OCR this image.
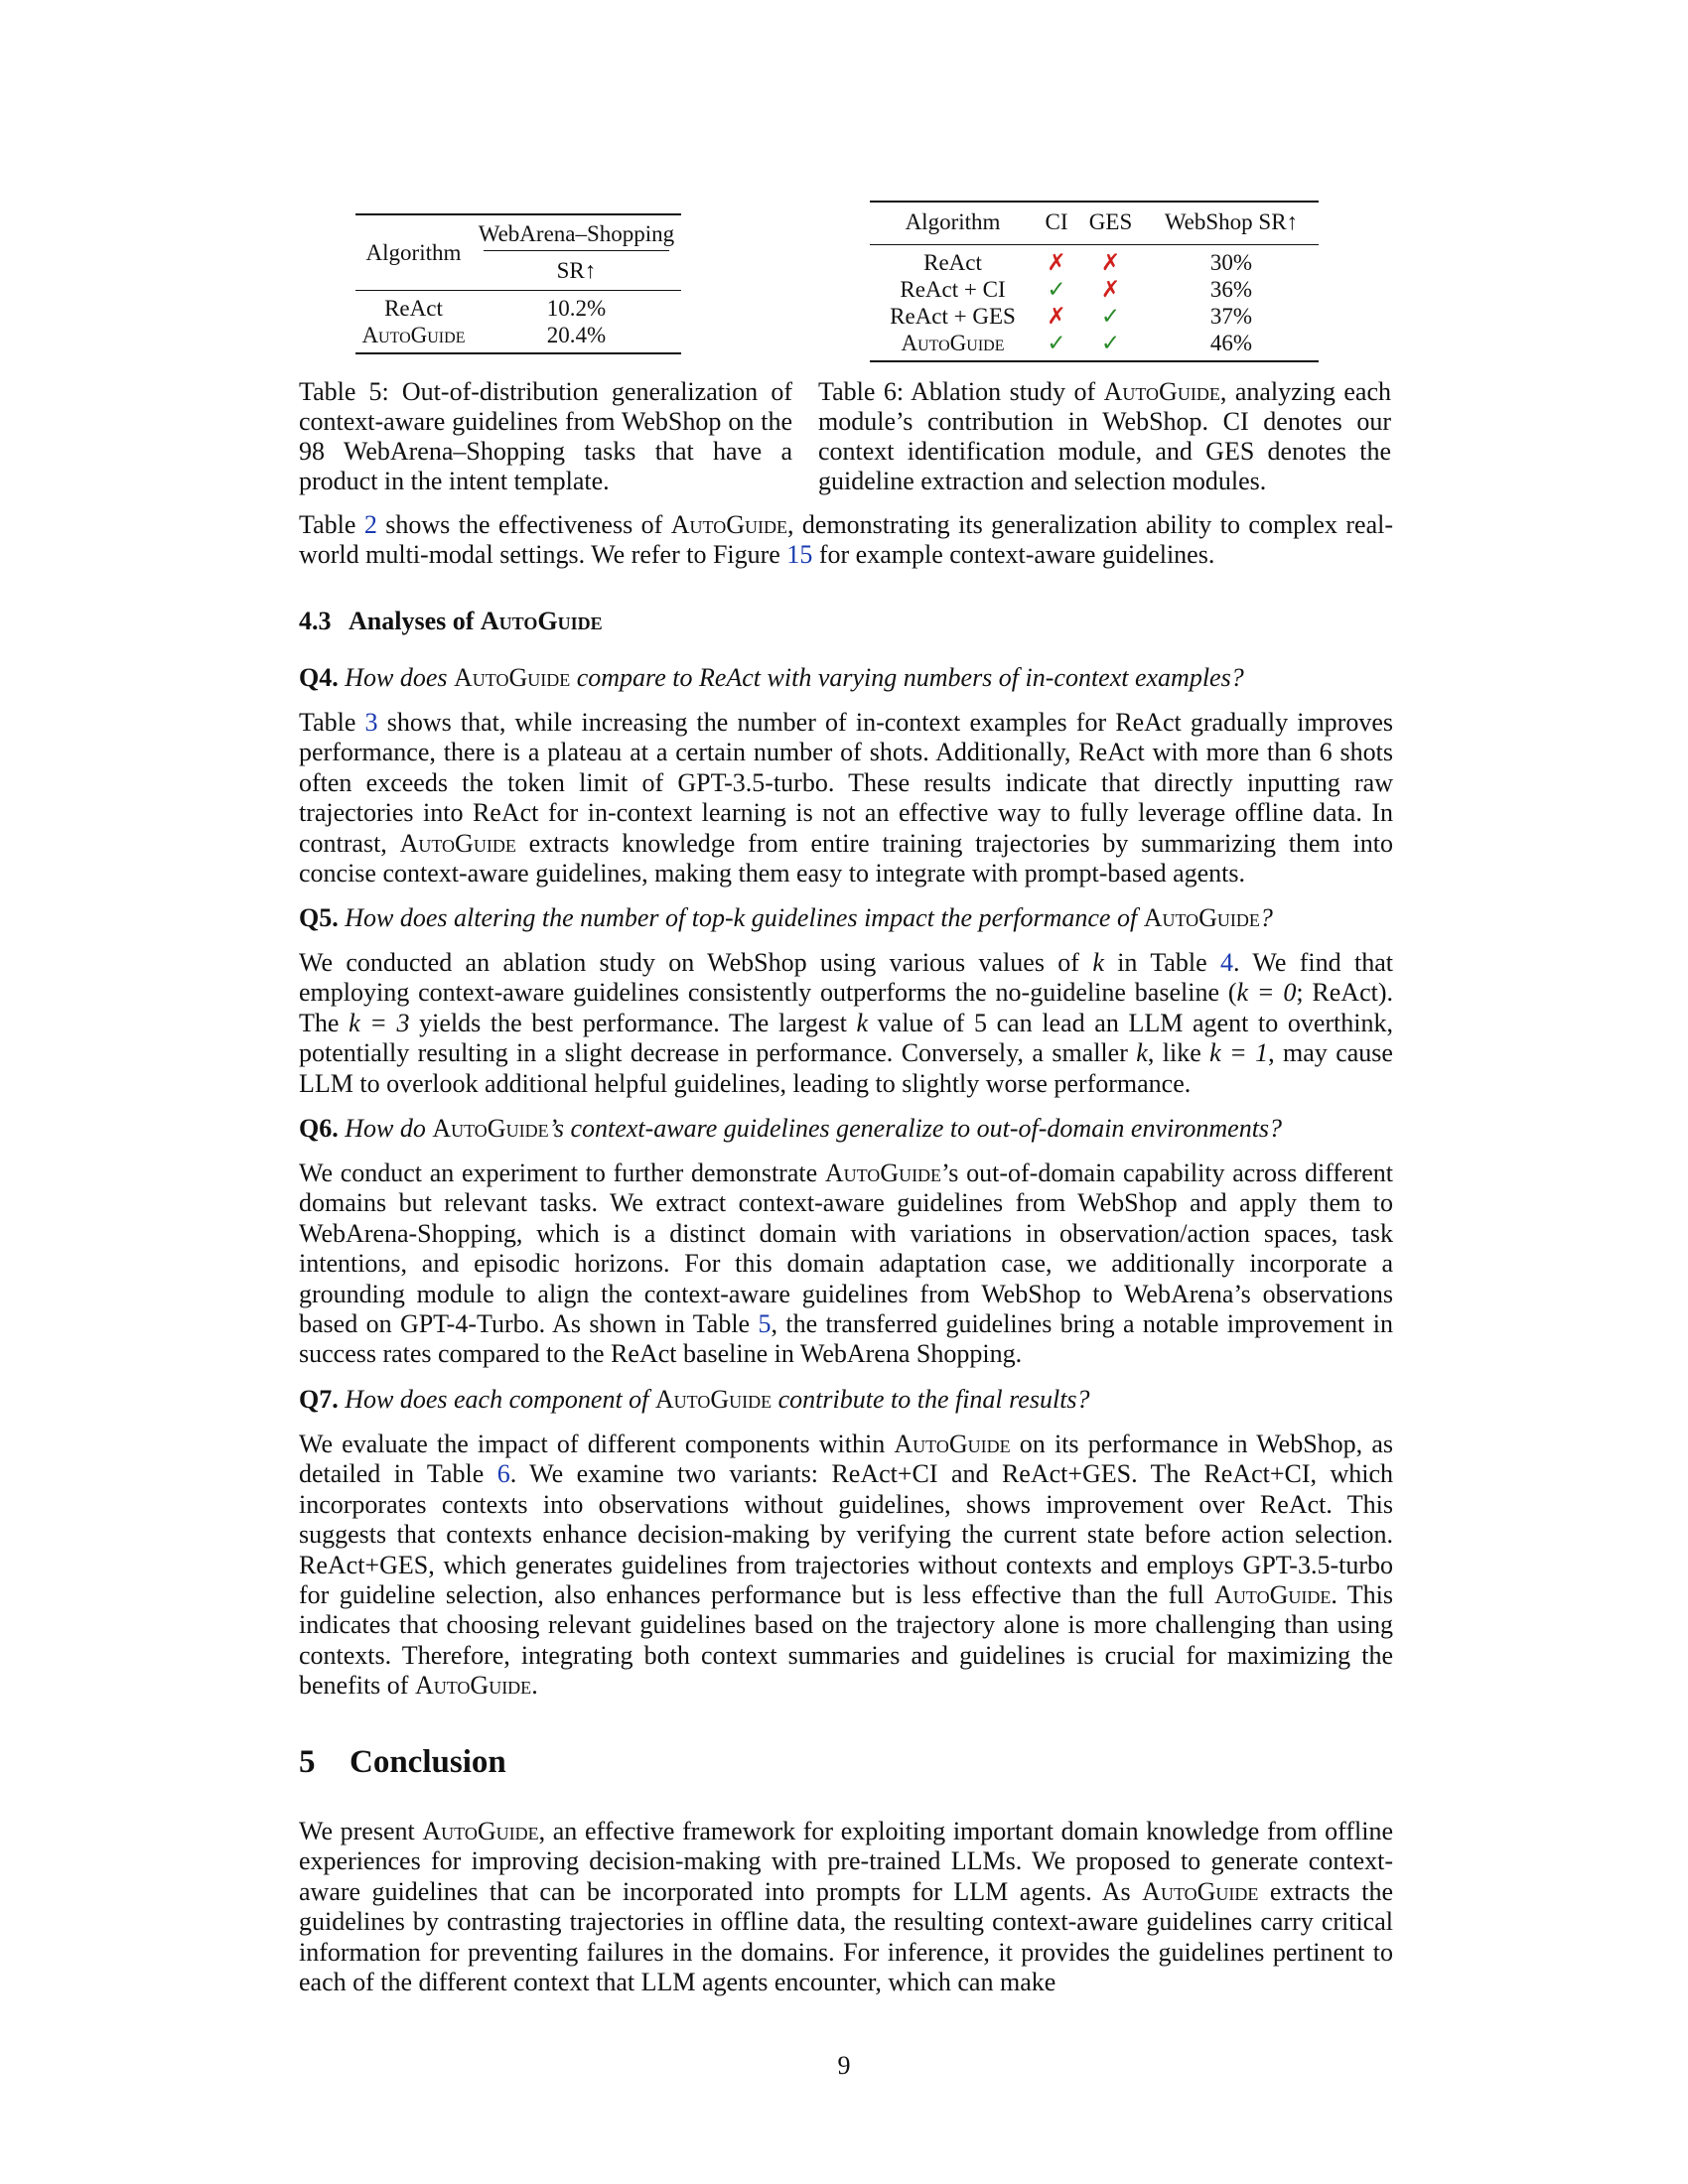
Algorithm	WebArena–Shopping
	SR↑
ReAct	10.2%
AutoGuide	20.4%
Algorithm	CI	GES	WebShop SR↑
ReAct	✗	✗	30%
ReAct + CI	✓	✗	36%
ReAct + GES	✗	✓	37%
AutoGuide	✓	✓	46%
Table 5: Out-of-distribution generalization of context-aware guidelines from WebShop on the 98 WebArena–Shopping tasks that have a product in the intent template.
Table 6: Ablation study of AutoGuide, analyzing each module’s contribution in WebShop. CI denotes our context identification module, and GES denotes the guideline extraction and selection modules.
Table 2 shows the effectiveness of AutoGuide, demonstrating its generalization ability to complex real-world multi-modal settings. We refer to Figure 15 for example context-aware guidelines.
4.3 Analyses of AutoGuide
Q4. How does AutoGuide compare to ReAct with varying numbers of in-context examples?
Table 3 shows that, while increasing the number of in-context examples for ReAct gradually improves performance, there is a plateau at a certain number of shots. Additionally, ReAct with more than 6 shots often exceeds the token limit of GPT-3.5-turbo. These results indicate that directly inputting raw trajectories into ReAct for in-context learning is not an effective way to fully leverage offline data. In contrast, AutoGuide extracts knowledge from entire training trajectories by summarizing them into concise context-aware guidelines, making them easy to integrate with prompt-based agents.
Q5. How does altering the number of top-k guidelines impact the performance of AutoGuide?
We conducted an ablation study on WebShop using various values of k in Table 4. We find that employing context-aware guidelines consistently outperforms the no-guideline baseline (k = 0; ReAct). The k = 3 yields the best performance. The largest k value of 5 can lead an LLM agent to overthink, potentially resulting in a slight decrease in performance. Conversely, a smaller k, like k = 1, may cause LLM to overlook additional helpful guidelines, leading to slightly worse performance.
Q6. How do AutoGuide’s context-aware guidelines generalize to out-of-domain environments?
We conduct an experiment to further demonstrate AutoGuide’s out-of-domain capability across different domains but relevant tasks. We extract context-aware guidelines from WebShop and apply them to WebArena-Shopping, which is a distinct domain with variations in observation/action spaces, task intentions, and episodic horizons. For this domain adaptation case, we additionally incorporate a grounding module to align the context-aware guidelines from WebShop to WebArena’s observations based on GPT-4-Turbo. As shown in Table 5, the transferred guidelines bring a notable improvement in success rates compared to the ReAct baseline in WebArena Shopping.
Q7. How does each component of AutoGuide contribute to the final results?
We evaluate the impact of different components within AutoGuide on its performance in WebShop, as detailed in Table 6. We examine two variants: ReAct+CI and ReAct+GES. The ReAct+CI, which incorporates contexts into observations without guidelines, shows improvement over ReAct. This suggests that contexts enhance decision-making by verifying the current state before action selection. ReAct+GES, which generates guidelines from trajectories without contexts and employs GPT-3.5-turbo for guideline selection, also enhances performance but is less effective than the full AutoGuide. This indicates that choosing relevant guidelines based on the trajectory alone is more challenging than using contexts. Therefore, integrating both context summaries and guidelines is crucial for maximizing the benefits of AutoGuide.
5 Conclusion
We present AutoGuide, an effective framework for exploiting important domain knowledge from offline experiences for improving decision-making with pre-trained LLMs. We proposed to generate context-aware guidelines that can be incorporated into prompts for LLM agents. As AutoGuide extracts the guidelines by contrasting trajectories in offline data, the resulting context-aware guidelines carry critical information for preventing failures in the domains. For inference, it provides the guidelines pertinent to each of the different context that LLM agents encounter, which can make
9
